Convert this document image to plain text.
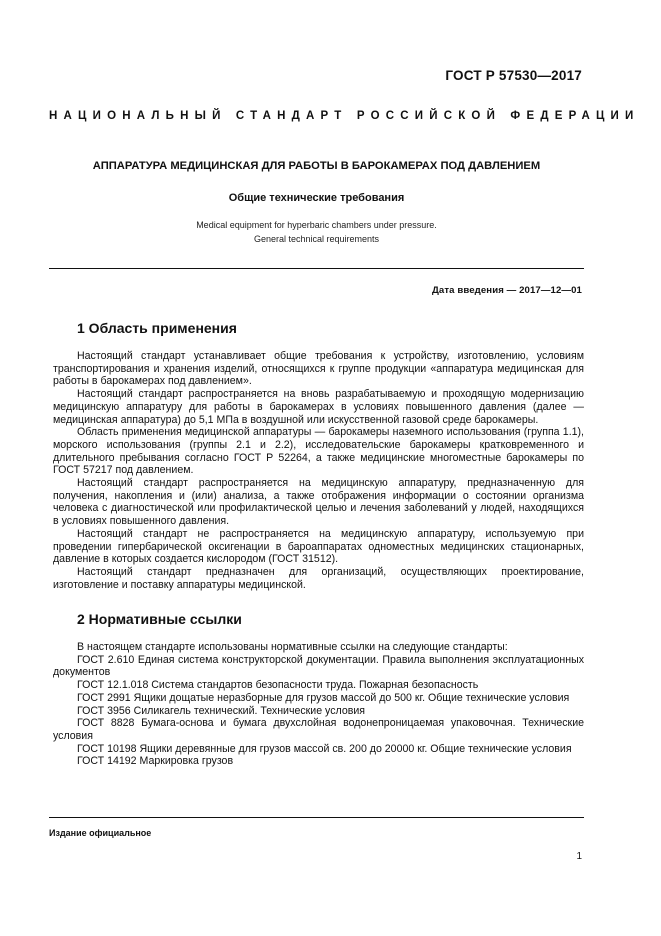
ГОСТ Р 57530—2017
НАЦИОНАЛЬНЫЙ СТАНДАРТ РОССИЙСКОЙ ФЕДЕРАЦИИ
АППАРАТУРА МЕДИЦИНСКАЯ ДЛЯ РАБОТЫ В БАРОКАМЕРАХ ПОД ДАВЛЕНИЕМ
Общие технические требования
Medical equipment for hyperbaric chambers under pressure.
General technical requirements
Дата введения — 2017—12—01
1 Область применения

Настоящий стандарт устанавливает общие требования к устройству, изготовлению, условиям транспортирования и хранения изделий, относящихся к группе продукции «аппаратура медицинская для работы в барокамерах под давлением».

Настоящий стандарт распространяется на вновь разрабатываемую и проходящую модернизацию медицинскую аппаратуру для работы в барокамерах в условиях повышенного давления (далее — медицинская аппаратура) до 5,1 МПа в воздушной или искусственной газовой среде барокамеры.

Область применения медицинской аппаратуры — барокамеры наземного использования (группа 1.1), морского использования (группы 2.1 и 2.2), исследовательские барокамеры кратковременного и длительного пребывания согласно ГОСТ Р 52264, а также медицинские многоместные барокамеры по ГОСТ 57217 под давлением.

Настоящий стандарт распространяется на медицинскую аппаратуру, предназначенную для получения, накопления и (или) анализа, а также отображения информации о состоянии организма человека с диагностической или профилактической целью и лечения заболеваний у людей, находящихся в условиях повышенного давления.

Настоящий стандарт не распространяется на медицинскую аппаратуру, используемую при проведении гипербарической оксигенации в бароаппаратах одноместных медицинских стационарных, давление в которых создается кислородом (ГОСТ 31512).

Настоящий стандарт предназначен для организаций, осуществляющих проектирование, изготовление и поставку аппаратуры медицинской.

2 Нормативные ссылки

В настоящем стандарте использованы нормативные ссылки на следующие стандарты:

ГОСТ 2.610 Единая система конструкторской документации. Правила выполнения эксплуатационных документов

ГОСТ 12.1.018 Система стандартов безопасности труда. Пожарная безопасность

ГОСТ 2991 Ящики дощатые неразборные для грузов массой до 500 кг. Общие технические условия

ГОСТ 3956 Силикагель технический. Технические условия

ГОСТ 8828 Бумага-основа и бумага двухслойная водонепроницаемая упаковочная. Технические условия

ГОСТ 10198 Ящики деревянные для грузов массой св. 200 до 20000 кг. Общие технические условия

ГОСТ 14192 Маркировка грузов

Издание официальное
1
